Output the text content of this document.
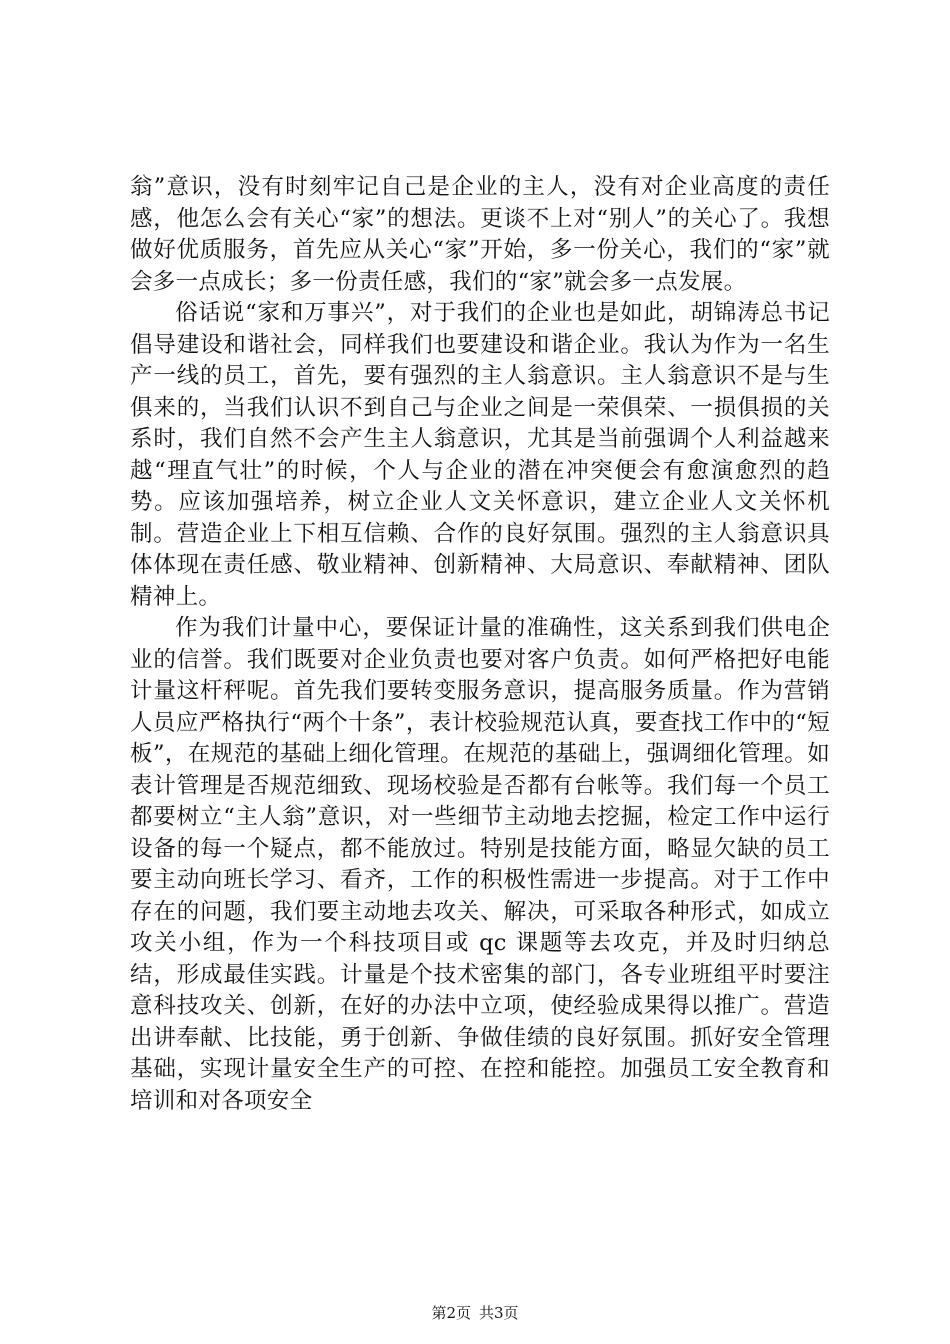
翁”意识，没有时刻牢记自己是企业的主人，没有对企业高度的责任感，他怎么会有关心“家”的想法。更谈不上对“别人”的关心了。我想做好优质服务，首先应从关心“家”开始，多一份关心，我们的“家”就会多一点成长；多一份责任感，我们的“家”就会多一点发展。

俗话说“家和万事兴”，对于我们的企业也是如此，胡锦涛总书记倡导建设和谐社会，同样我们也要建设和谐企业。我认为作为一名生产一线的员工，首先，要有强烈的主人翁意识。主人翁意识不是与生俱来的，当我们认识不到自己与企业之间是一荣俱荣、一损俱损的关系时，我们自然不会产生主人翁意识，尤其是当前强调个人利益越来越“理直气壮”的时候，个人与企业的潜在冲突便会有愈演愈烈的趋势。应该加强培养，树立企业人文关怀意识，建立企业人文关怀机制。营造企业上下相互信赖、合作的良好氛围。强烈的主人翁意识具体体现在责任感、敬业精神、创新精神、大局意识、奉献精神、团队精神上。

作为我们计量中心，要保证计量的准确性，这关系到我们供电企业的信誉。我们既要对企业负责也要对客户负责。如何严格把好电能计量这杆秤呢。首先我们要转变服务意识，提高服务质量。作为营销人员应严格执行“两个十条”，表计校验规范认真，要查找工作中的“短板”，在规范的基础上细化管理。在规范的基础上，强调细化管理。如表计管理是否规范细致、现场校验是否都有台帐等。我们每一个员工都要树立“主人翁”意识，对一些细节主动地去挖掘，检定工作中运行设备的每一个疑点，都不能放过。特别是技能方面，略显欠缺的员工要主动向班长学习、看齐，工作的积极性需进一步提高。对于工作中存在的问题，我们要主动地去攻关、解决，可采取各种形式，如成立攻关小组，作为一个科技项目或 qc 课题等去攻克，并及时归纳总结，形成最佳实践。计量是个技术密集的部门，各专业班组平时要注意科技攻关、创新，在好的办法中立项，使经验成果得以推广。营造出讲奉献、比技能，勇于创新、争做佳绩的良好氛围。抓好安全管理基础，实现计量安全生产的可控、在控和能控。加强员工安全教育和培训和对各项安全

第2页 共3页
